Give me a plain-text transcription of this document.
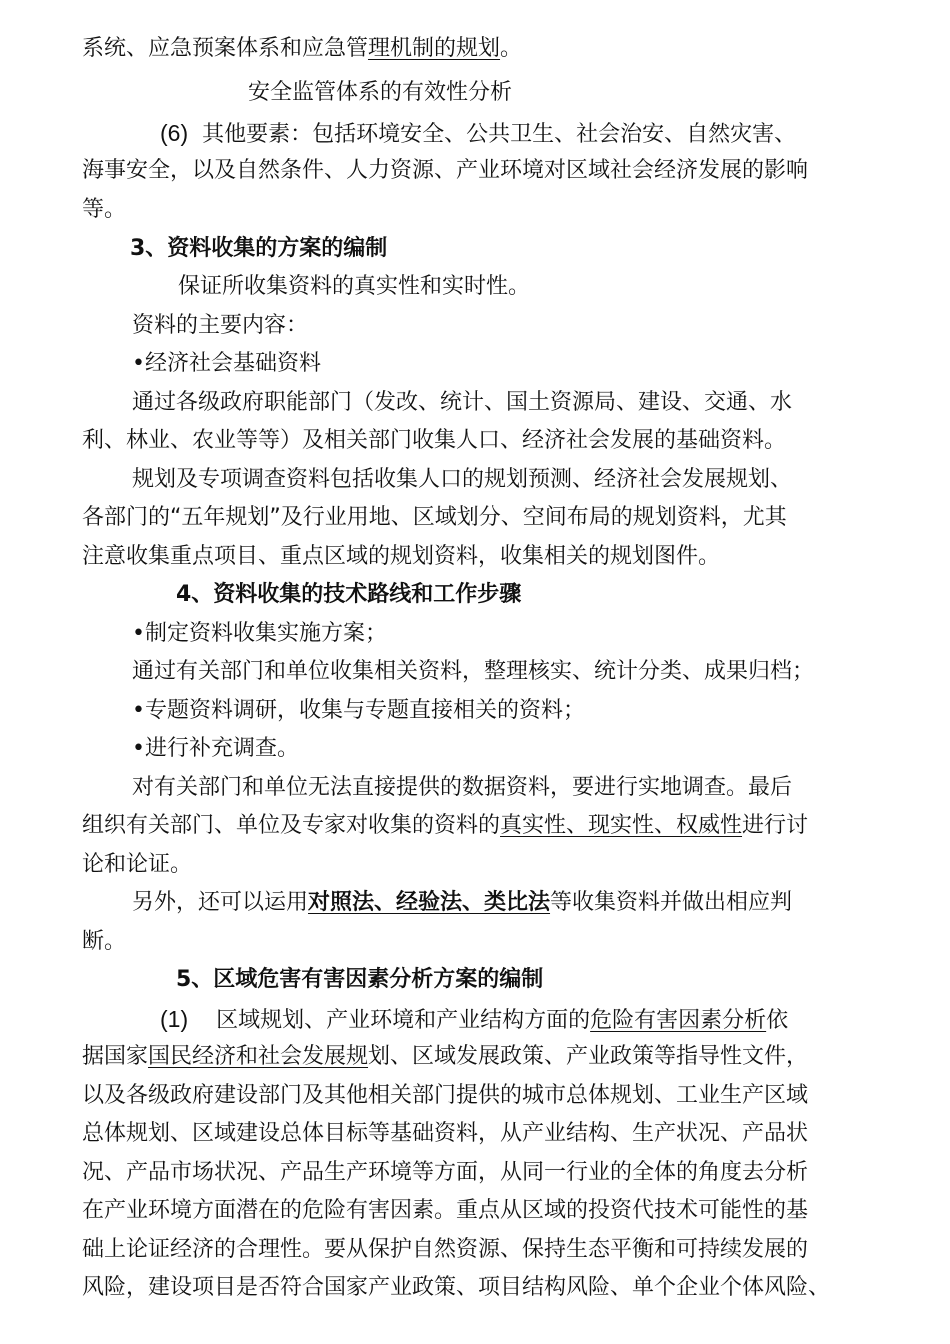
系统、应急预案体系和应急管理机制的规划。
安全监管体系的有效性分析
(6) 其他要素：包括环境安全、公共卫生、社会治安、自然灾害、
海事安全，以及自然条件、人力资源、产业环境对区域社会经济发展的影响
等。
3、资料收集的方案的编制
保证所收集资料的真实性和实时性。
资料的主要内容：
•经济社会基础资料
通过各级政府职能部门（发改、统计、国土资源局、建设、交通、水
利、林业、农业等等）及相关部门收集人口、经济社会发展的基础资料。
规划及专项调查资料包括收集人口的规划预测、经济社会发展规划、
各部门的“五年规划”及行业用地、区域划分、空间布局的规划资料，尤其
注意收集重点项目、重点区域的规划资料，收集相关的规划图件。
4、资料收集的技术路线和工作步骤
•制定资料收集实施方案；
通过有关部门和单位收集相关资料，整理核实、统计分类、成果归档；
•专题资料调研，收集与专题直接相关的资料；
•进行补充调查。
对有关部门和单位无法直接提供的数据资料，要进行实地调查。最后
组织有关部门、单位及专家对收集的资料的真实性、现实性、权威性进行讨
论和论证。
另外，还可以运用对照法、经验法、类比法等收集资料并做出相应判
断。
5、区域危害有害因素分析方案的编制
(1) 区域规划、产业环境和产业结构方面的危险有害因素分析依
据国家国民经济和社会发展规划、区域发展政策、产业政策等指导性文件，
以及各级政府建设部门及其他相关部门提供的城市总体规划、工业生产区域
总体规划、区域建设总体目标等基础资料，从产业结构、生产状况、产品状
况、产品市场状况、产品生产环境等方面，从同一行业的全体的角度去分析
在产业环境方面潜在的危险有害因素。重点从区域的投资代技术可能性的基
础上论证经济的合理性。要从保护自然资源、保持生态平衡和可持续发展的
风险，建设项目是否符合国家产业政策、项目结构风险、单个企业个体风险、
